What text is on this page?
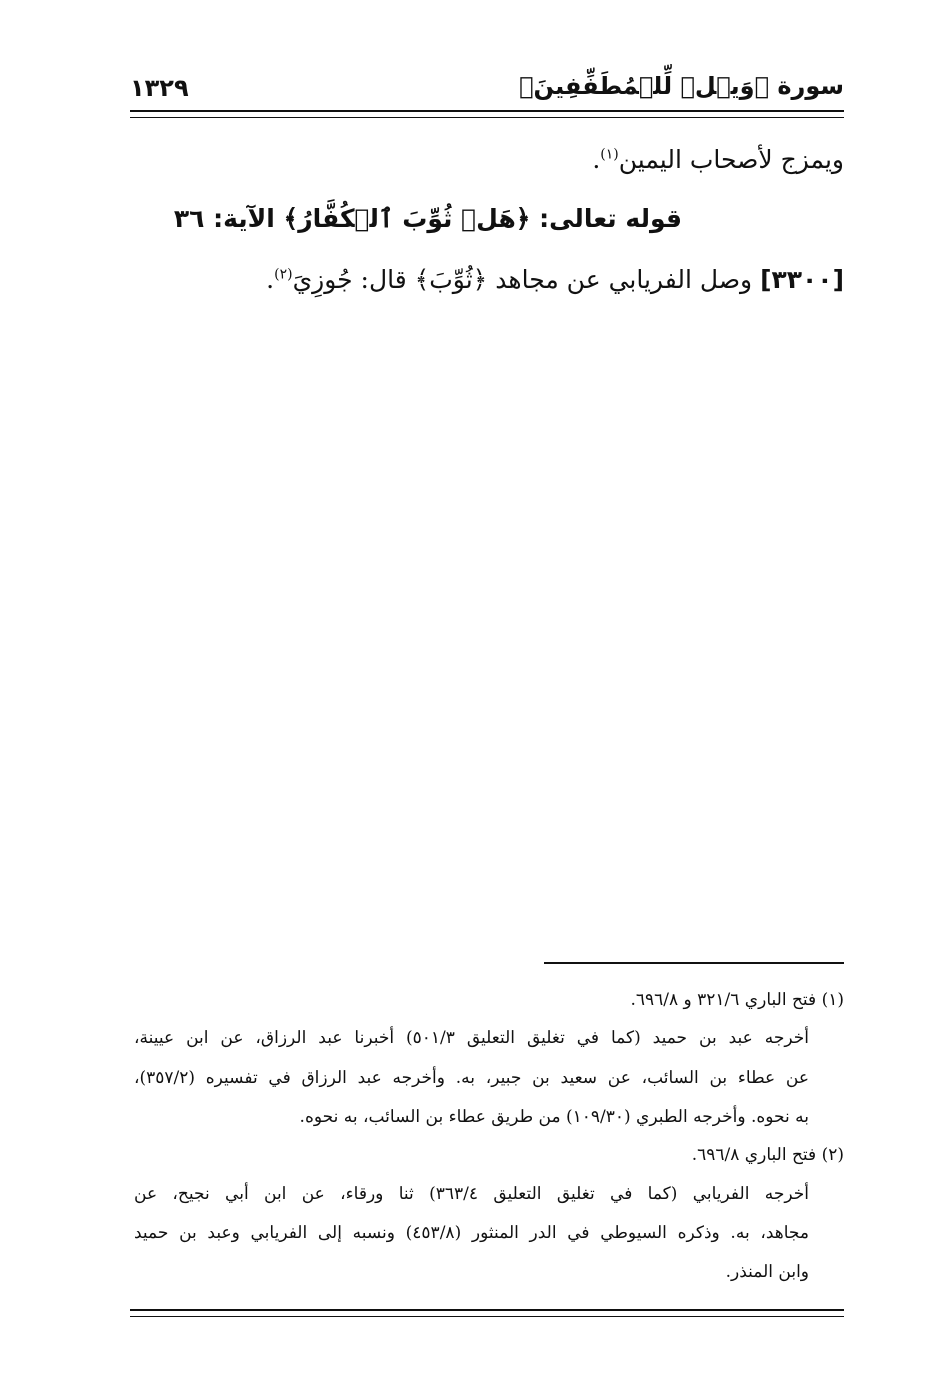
١٣٢٩	سورة ﴿وَيۡلٞ لِّلۡمُطَفِّفِينَ﴾
ويمزج لأصحاب اليمين$^{(١)}$.
قوله تعالى: ﴿هَلۡ ثُوِّبَ ٱلۡكُفَّارُ﴾ الآية: ٣٦
[٣٣٠٠] وصل الفريابي عن مجاهد ﴿ثُوِّبَ﴾ قال: جُوزِيَ$^{(٢)}$.
(١) فتح الباري ٣٢١/٦ و ٦٩٦/٨.
أخرجه عبد بن حميد (كما في تغليق التعليق ٥٠١/٣) أخبرنا عبد الرزاق، عن ابن عيينة،
عن عطاء بن السائب، عن سعيد بن جبير، به. وأخرجه عبد الرزاق في تفسيره (٣٥٧/٢)،
به نحوه. وأخرجه الطبري (١٠٩/٣٠) من طريق عطاء بن السائب، به نحوه.
(٢) فتح الباري ٦٩٦/٨.
أخرجه الفريابي (كما في تغليق التعليق ٣٦٣/٤) ثنا ورقاء، عن ابن أبي نجيح، عن
مجاهد، به. وذكره السيوطي في الدر المنثور (٤٥٣/٨) ونسبه إلى الفريابي وعبد بن حميد
وابن المنذر.
